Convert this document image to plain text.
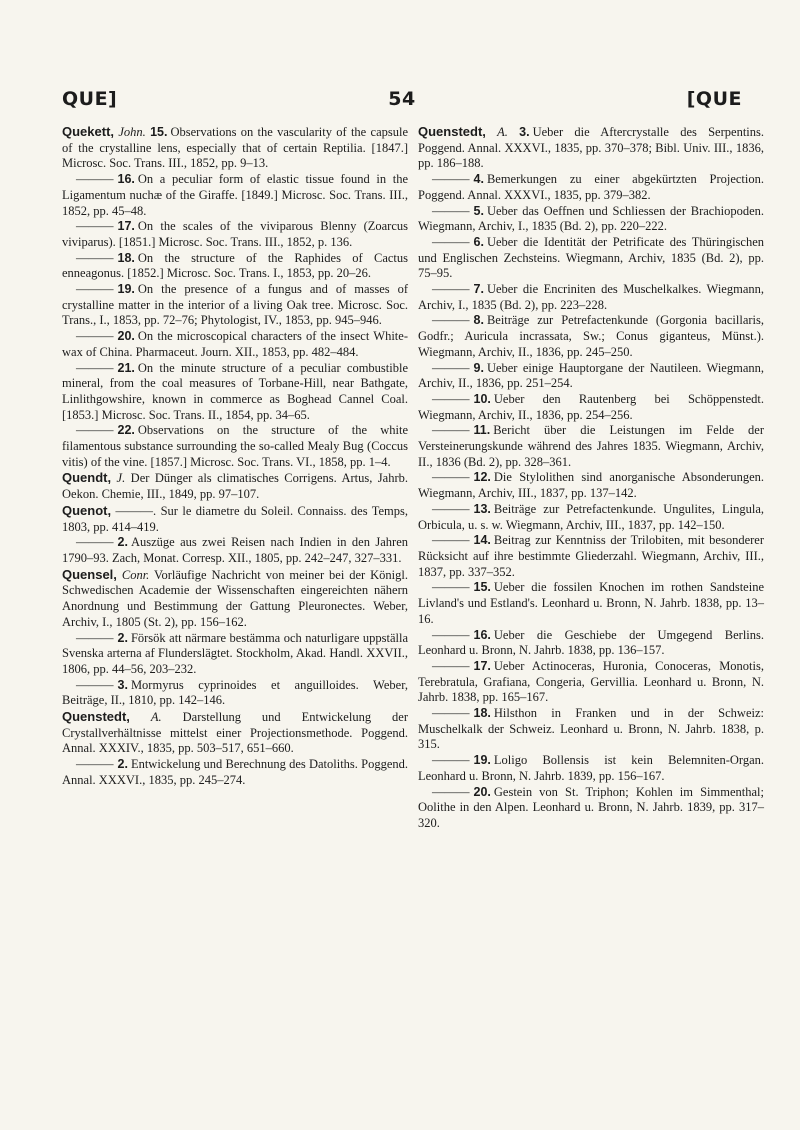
QUE]	54	[QUE
Quekett, John. 15. Observations on the vascularity of the capsule of the crystalline lens, especially that of certain Reptilia. [1847.] Microsc. Soc. Trans. III., 1852, pp. 9–13.
——— 16. On a peculiar form of elastic tissue found in the Ligamentum nuchæ of the Giraffe. [1849.] Microsc. Soc. Trans. III., 1852, pp. 45–48.
——— 17. On the scales of the viviparous Blenny (Zoarcus viviparus). [1851.] Microsc. Soc. Trans. III., 1852, p. 136.
——— 18. On the structure of the Raphides of Cactus enneagonus. [1852.] Microsc. Soc. Trans. I., 1853, pp. 20–26.
——— 19. On the presence of a fungus and of masses of crystalline matter in the interior of a living Oak tree. Microsc. Soc. Trans., I., 1853, pp. 72–76; Phytologist, IV., 1853, pp. 945–946.
——— 20. On the microscopical characters of the insect White-wax of China. Pharmaceut. Journ. XII., 1853, pp. 482–484.
——— 21. On the minute structure of a peculiar combustible mineral, from the coal measures of Torbane-Hill, near Bathgate, Linlithgowshire, known in commerce as Boghead Cannel Coal. [1853.] Microsc. Soc. Trans. II., 1854, pp. 34–65.
——— 22. Observations on the structure of the white filamentous substance surrounding the so-called Mealy Bug (Coccus vitis) of the vine. [1857.] Microsc. Soc. Trans. VI., 1858, pp. 1–4.
Quendt, J. Der Dünger als climatisches Corrigens. Artus, Jahrb. Oekon. Chemie, III., 1849, pp. 97–107.
Quenot, ———. Sur le diametre du Soleil. Connaiss. des Temps, 1803, pp. 414–419.
——— 2. Auszüge aus zwei Reisen nach Indien in den Jahren 1790–93. Zach, Monat. Corresp. XII., 1805, pp. 242–247, 327–331.
Quensel, Conr. Vorläufige Nachricht von meiner bei der Königl. Schwedischen Academie der Wissenschaften eingereichten nähern Anordnung und Bestimmung der Gattung Pleuronectes. Weber, Archiv, I., 1805 (St. 2), pp. 156–162.
——— 2. Försök att närmare bestämma och naturligare uppställa Svenska arterna af Flunderslägtet. Stockholm, Akad. Handl. XXVII., 1806, pp. 44–56, 203–232.
——— 3. Mormyrus cyprinoides et anguilloides. Weber, Beiträge, II., 1810, pp. 142–146.
Quenstedt, A. Darstellung und Entwickelung der Crystallverhältnisse mittelst einer Projectionsmethode. Poggend. Annal. XXXIV., 1835, pp. 503–517, 651–660.
——— 2. Entwickelung und Berechnung des Datoliths. Poggend. Annal. XXXVI., 1835, pp. 245–274.
Quenstedt, A. 3. Ueber die Aftercrystalle des Serpentins. Poggend. Annal. XXXVI., 1835, pp. 370–378; Bibl. Univ. III., 1836, pp. 186–188.
——— 4. Bemerkungen zu einer abgekürtzten Projection. Poggend. Annal. XXXVI., 1835, pp. 379–382.
——— 5. Ueber das Oeffnen und Schliessen der Brachiopoden. Wiegmann, Archiv, I., 1835 (Bd. 2), pp. 220–222.
——— 6. Ueber die Identität der Petrificate des Thüringischen und Englischen Zechsteins. Wiegmann, Archiv, 1835 (Bd. 2), pp. 75–95.
——— 7. Ueber die Encriniten des Muschelkalkes. Wiegmann, Archiv, I., 1835 (Bd. 2), pp. 223–228.
——— 8. Beiträge zur Petrefactenkunde (Gorgonia bacillaris, Godfr.; Auricula incrassata, Sw.; Conus giganteus, Münst.). Wiegmann, Archiv, II., 1836, pp. 245–250.
——— 9. Ueber einige Hauptorgane der Nautileen. Wiegmann, Archiv, II., 1836, pp. 251–254.
——— 10. Ueber den Rautenberg bei Schöppenstedt. Wiegmann, Archiv, II., 1836, pp. 254–256.
——— 11. Bericht über die Leistungen im Felde der Versteinerungskunde während des Jahres 1835. Wiegmann, Archiv, II., 1836 (Bd. 2), pp. 328–361.
——— 12. Die Stylolithen sind anorganische Absonderungen. Wiegmann, Archiv, III., 1837, pp. 137–142.
——— 13. Beiträge zur Petrefactenkunde. Ungulites, Lingula, Orbicula, u. s. w. Wiegmann, Archiv, III., 1837, pp. 142–150.
——— 14. Beitrag zur Kenntniss der Trilobiten, mit besonderer Rücksicht auf ihre bestimmte Gliederzahl. Wiegmann, Archiv, III., 1837, pp. 337–352.
——— 15. Ueber die fossilen Knochen im rothen Sandsteine Livland's und Estland's. Leonhard u. Bronn, N. Jahrb. 1838, pp. 13–16.
——— 16. Ueber die Geschiebe der Umgegend Berlins. Leonhard u. Bronn, N. Jahrb. 1838, pp. 136–157.
——— 17. Ueber Actinoceras, Huronia, Conoceras, Monotis, Terebratula, Grafiana, Congeria, Gervillia. Leonhard u. Bronn, N. Jahrb. 1838, pp. 165–167.
——— 18. Hilsthon in Franken und in der Schweiz: Muschelkalk der Schweiz. Leonhard u. Bronn, N. Jahrb. 1838, p. 315.
——— 19. Loligo Bollensis ist kein Belemniten-Organ. Leonhard u. Bronn, N. Jahrb. 1839, pp. 156–167.
——— 20. Gestein von St. Triphon; Kohlen im Simmenthal; Oolithe in den Alpen. Leonhard u. Bronn, N. Jahrb. 1839, pp. 317–320.
